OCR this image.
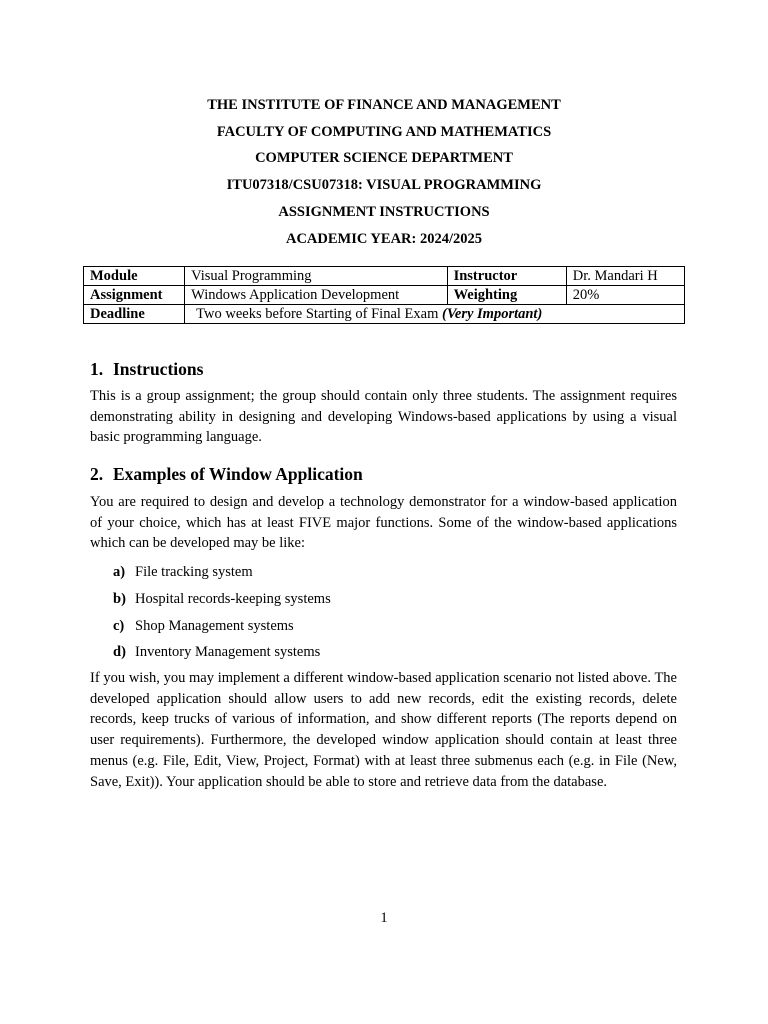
THE INSTITUTE OF FINANCE AND MANAGEMENT
FACULTY OF COMPUTING AND MATHEMATICS
COMPUTER SCIENCE DEPARTMENT
ITU07318/CSU07318: VISUAL PROGRAMMING
ASSIGNMENT INSTRUCTIONS
ACADEMIC YEAR: 2024/2025
Module	Visual Programming	Instructor	Dr. Mandari H
Assignment	Windows Application Development	Weighting	20%
Deadline	Two weeks before Starting of Final Exam (Very Important)		
1. Instructions

This is a group assignment; the group should contain only three students. The assignment requires demonstrating ability in designing and developing Windows-based applications by using a visual basic programming language.

2. Examples of Window Application

You are required to design and develop a technology demonstrator for a window-based application of your choice, which has at least FIVE major functions. Some of the window-based applications which can be developed may be like:

a) File tracking system
b) Hospital records-keeping systems
c) Shop Management systems
d) Inventory Management systems

If you wish, you may implement a different window-based application scenario not listed above. The developed application should allow users to add new records, edit the existing records, delete records, keep trucks of various of information, and show different reports (The reports depend on user requirements). Furthermore, the developed window application should contain at least three menus (e.g. File, Edit, View, Project, Format) with at least three submenus each (e.g. in File (New, Save, Exit)). Your application should be able to store and retrieve data from the database.

1
